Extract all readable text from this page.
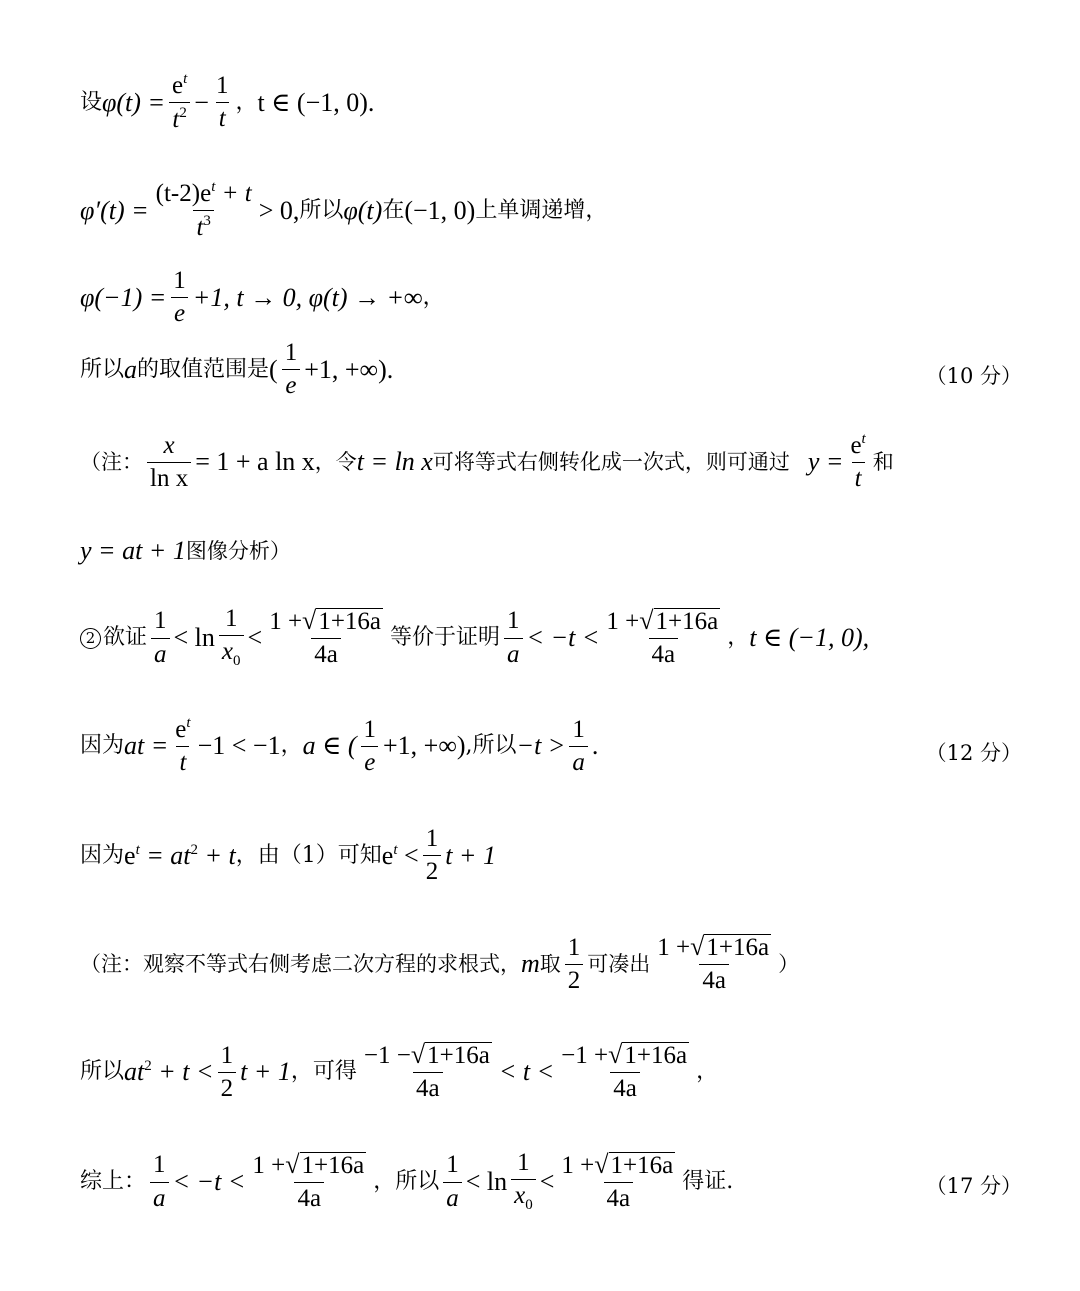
设 $\varphi(t) = \frac{e^t}{t^2} - \frac{1}{t}$ ， t ∈ (−1, 0).
$\varphi'(t) = \frac{(t-2)e^t + t}{t^3} > 0$, 所以 φ(t) 在 (−1, 0) 上单调递增，
$\varphi(-1) = \frac{1}{e} +1$, t → 0, φ(t) → +∞ ，
所以 a 的取值范围是 ( $\frac{1}{e} +1$, +∞).	（10 分）
（注： $\frac{x}{\text{ln x}} = 1 + a$ ln x ，令 t = ln x 可将等式右侧转化成一次式，则可通过 $y = \frac{e^t}{t}$ 和
y = at + 1 图像分析）
2 欲证 $\frac{1}{a} < \ln \frac{1}{x_0} < \frac{1 + √ 1+16a}{4a}$ 等价于证明 $\frac{1}{a} < -t < \frac{1 + √ 1+16a}{4a}$ ， t ∈ (−1, 0),
因为 at = $\frac{e^t}{t} -1 < -1$ ， a ∈ ( $\frac{1}{e} +1$, +∞) ,所以 $-t > \frac{1}{a}$ .	（12 分）
因为 $e^t = at^2 + t$ ，由（1）可知 $e^t < \frac{1}{2}$ t + 1
（注：观察不等式右侧考虑二次方程的求根式， m 取 $\frac{1}{2}$ 可凑出 $\frac{1 + √ 1+16a}{4a}$ ）
所以 $at^2 + t < \frac{1}{2}$ t + 1 ，可得 $\frac{-1 - √ 1+16a}{4a} < t < \frac{-1 + √ 1+16a}{4a}$ ，
综上： $\frac{1}{a} < -t < \frac{1 + √ 1+16a}{4a}$ ，所以 $\frac{1}{a} < \ln \frac{1}{x_0} < \frac{1 + √ 1+16a}{4a}$ 得证.	（17 分）
